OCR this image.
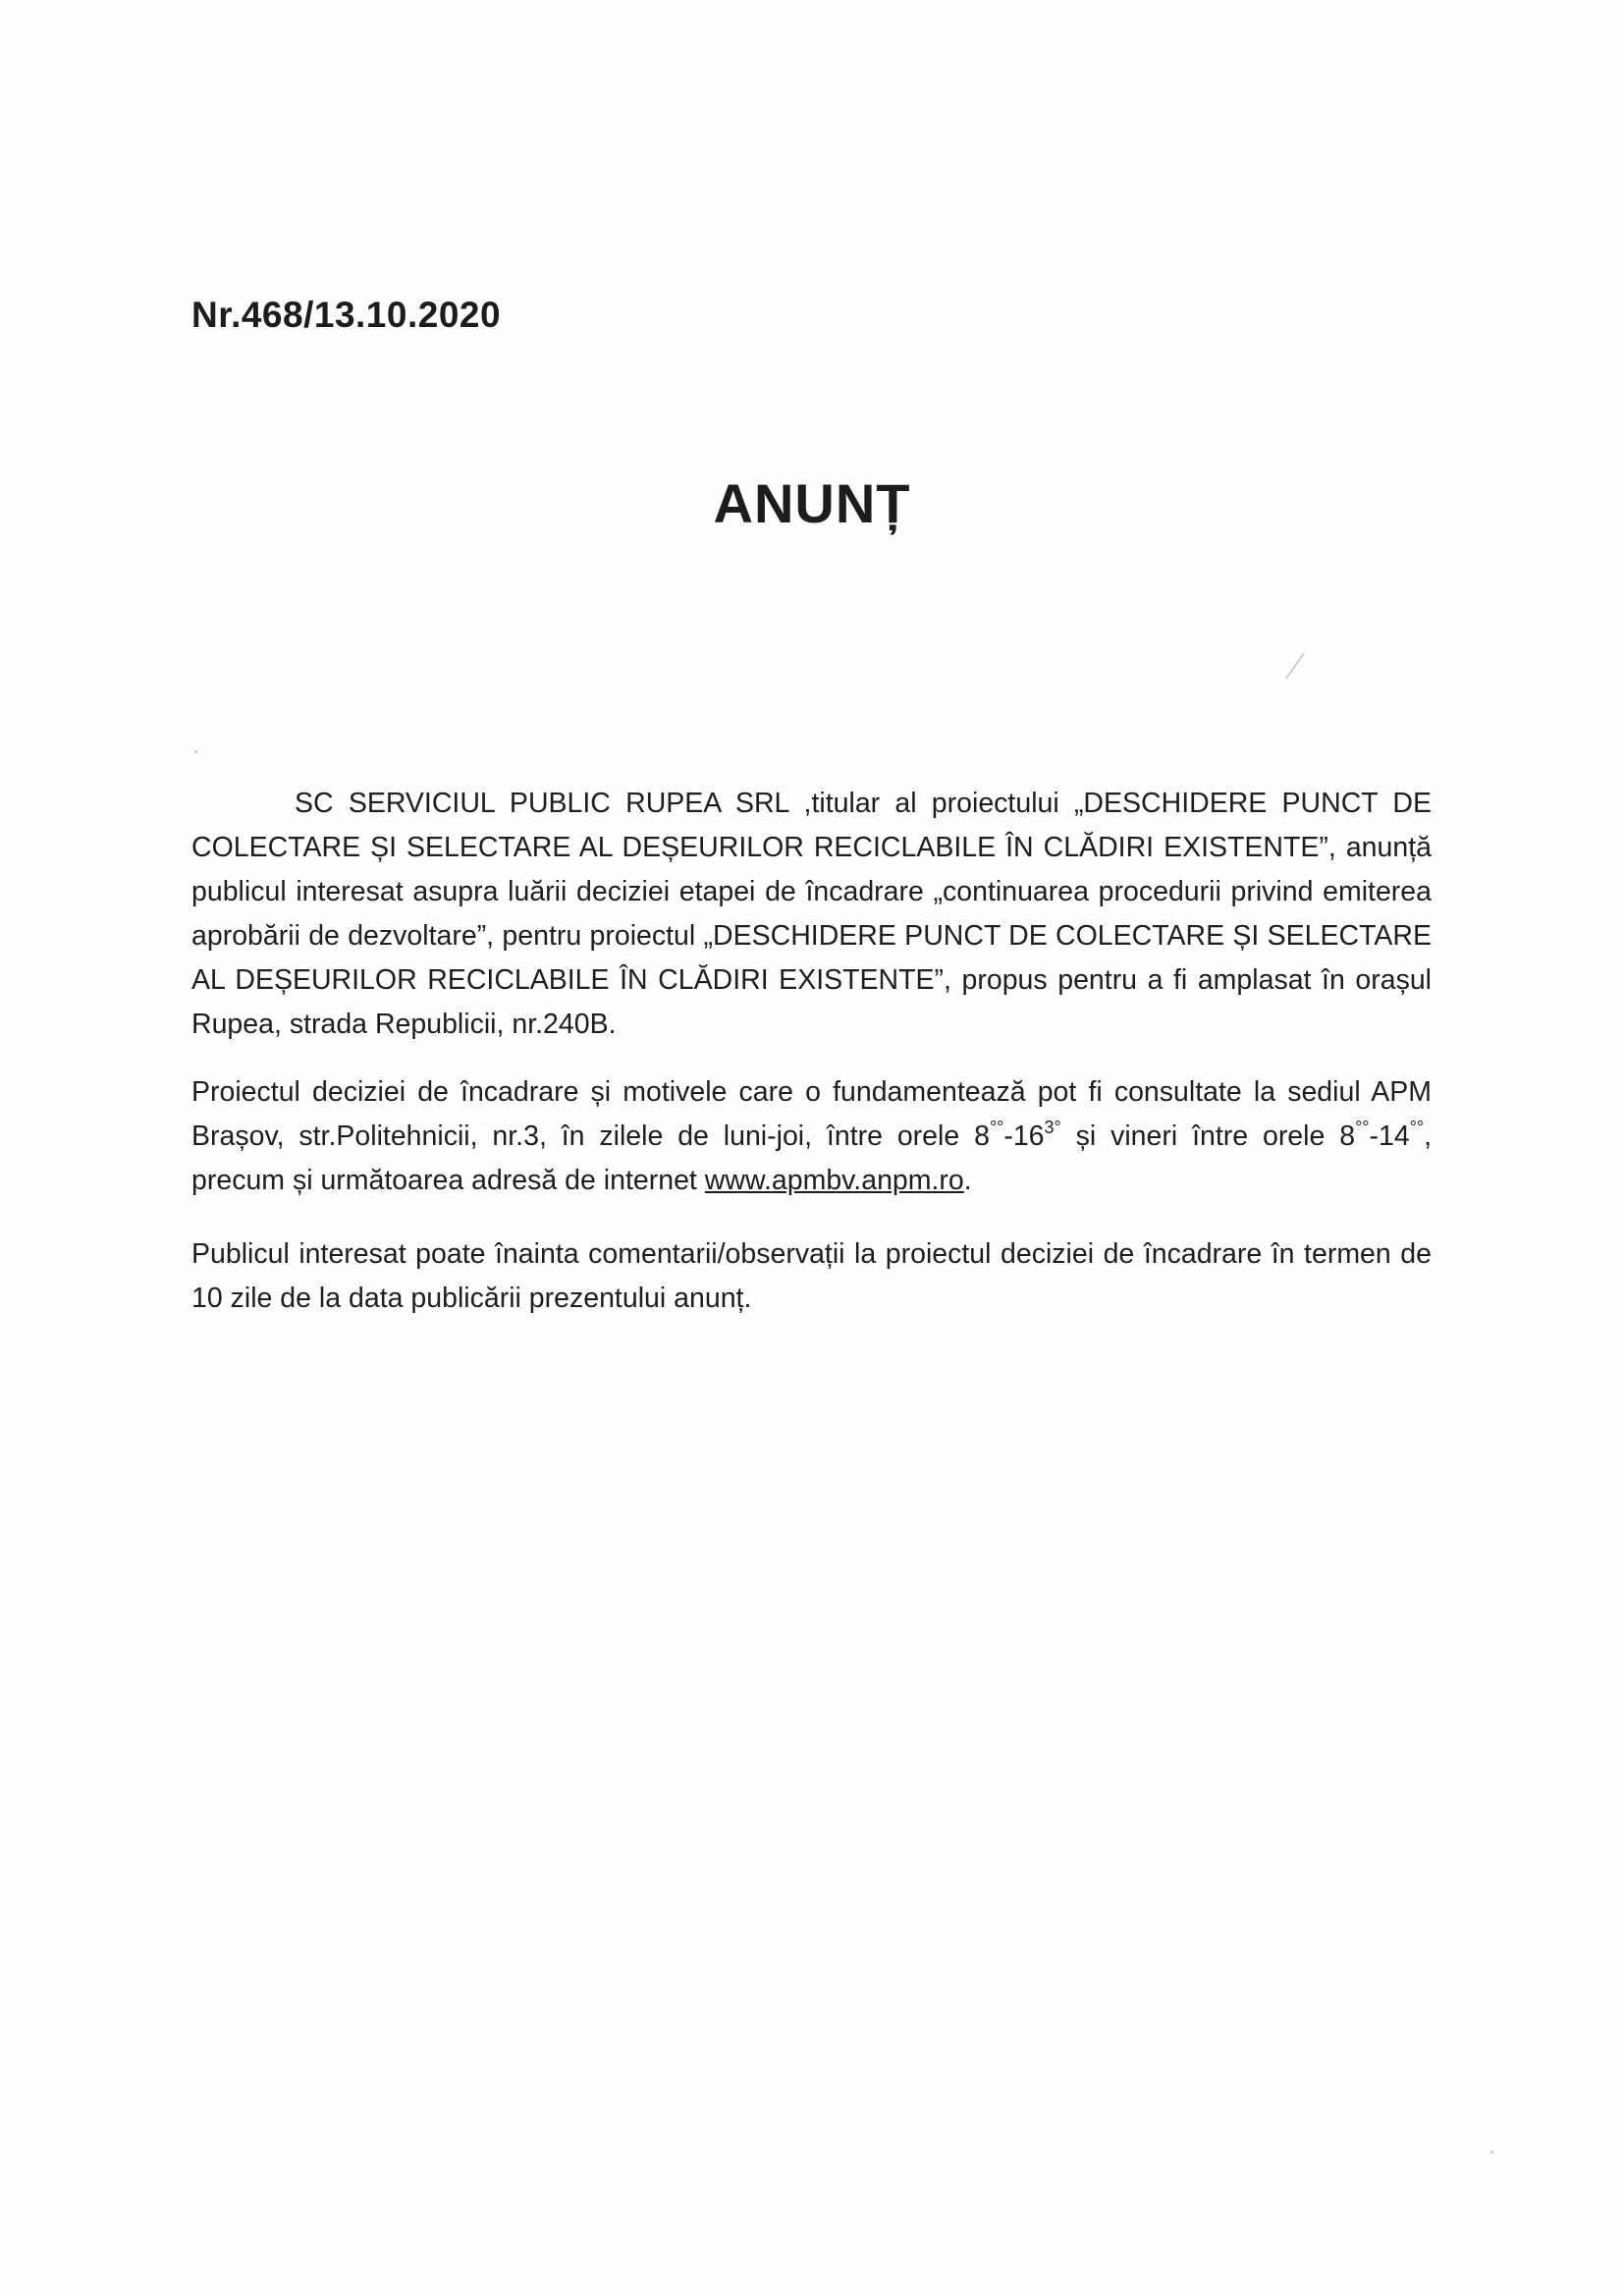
Nr.468/13.10.2020
ANUNȚ

SC SERVICIUL PUBLIC RUPEA SRL ,titular al proiectului „DESCHIDERE PUNCT DE COLECTARE ȘI SELECTARE AL DEȘEURILOR RECICLABILE ÎN CLĂDIRI EXISTENTE”, anunță publicul interesat asupra luării deciziei etapei de încadrare „continuarea procedurii privind emiterea aprobării de dezvoltare”, pentru proiectul „DESCHIDERE PUNCT DE COLECTARE ȘI SELECTARE AL DEȘEURILOR RECICLABILE ÎN CLĂDIRI EXISTENTE”, propus pentru a fi amplasat în orașul Rupea, strada Republicii, nr.240B.

Proiectul deciziei de încadrare și motivele care o fundamentează pot fi consultate la sediul APM Brașov, str.Politehnicii, nr.3, în zilele de luni-joi, între orele $8^{^\circ^\circ}-16^{3^\circ}$ și vineri între orele 8°°-14°°, precum și următoarea adresă de internet www.apmbv.anpm.ro.

Publicul interesat poate înainta comentarii/observații la proiectul deciziei de încadrare în termen de 10 zile de la data publicării prezentului anunț.
